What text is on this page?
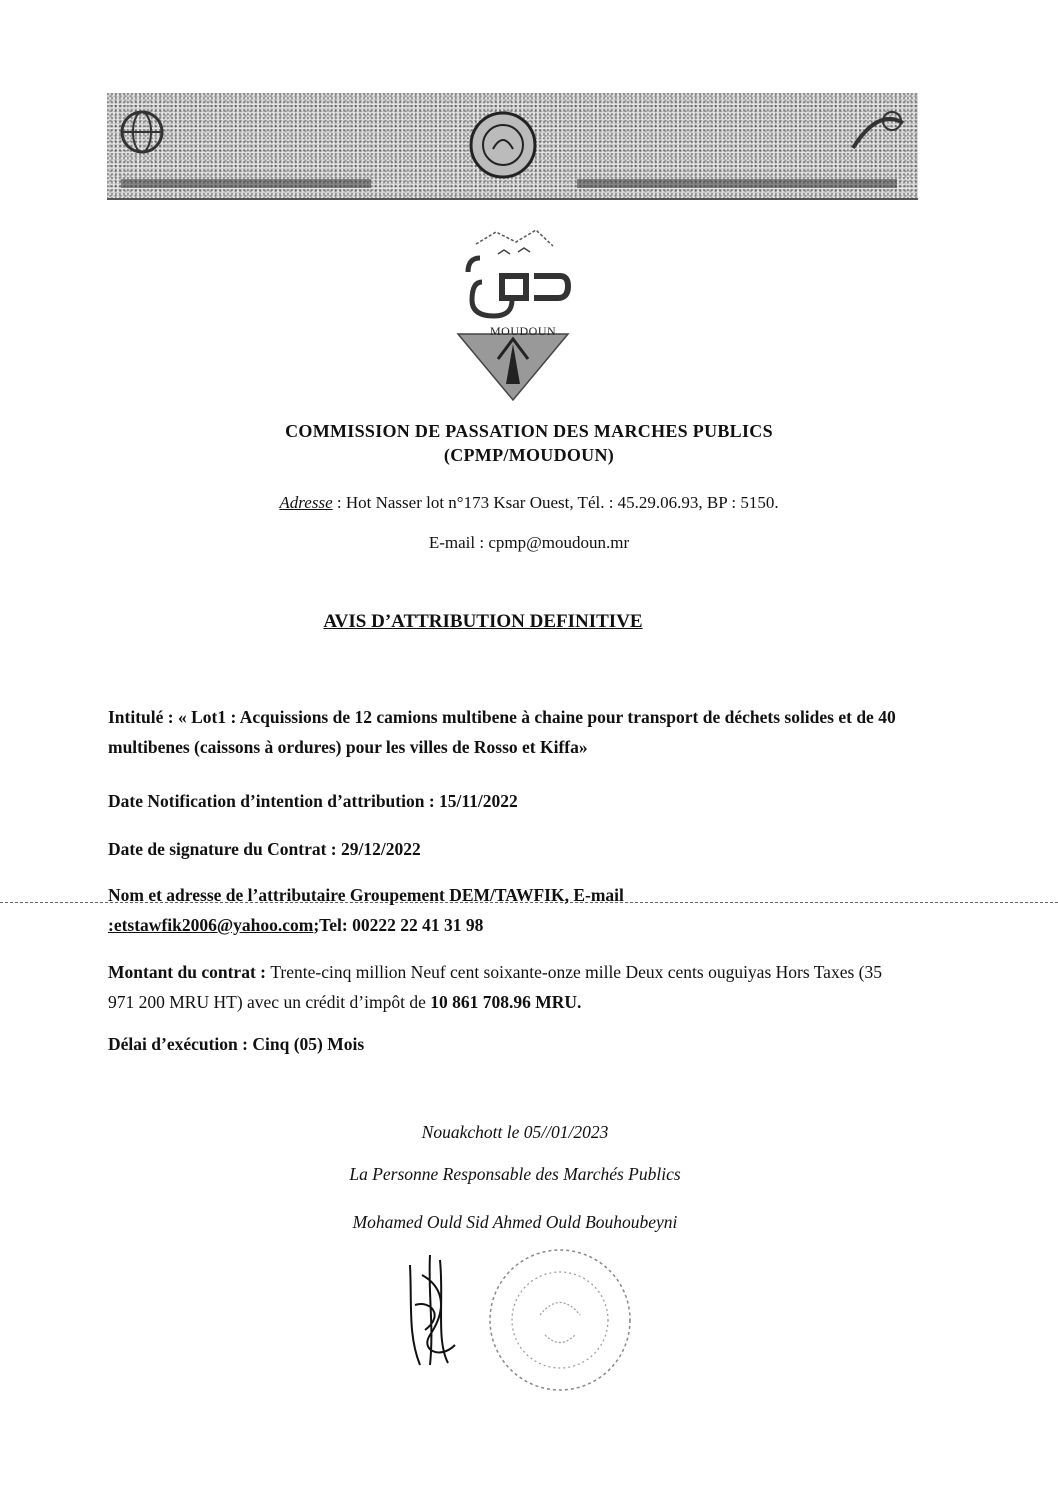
MOUDOUN
COMMISSION DE PASSATION DES MARCHES PUBLICS
(CPMP/MOUDOUN)
Adresse : Hot Nasser lot n°173 Ksar Ouest, Tél. : 45.29.06.93, BP : 5150.
E-mail : cpmp@moudoun.mr
AVIS D’ATTRIBUTION DEFINITIVE
Intitulé : « Lot1 : Acquissions de 12 camions multibene à chaine pour transport de déchets solides et de 40 multibenes (caissons à ordures) pour les villes de Rosso et Kiffa»
Date Notification d’intention d’attribution : 15/11/2022
Date de signature du Contrat : 29/12/2022
Nom et adresse de l’attributaire Groupement DEM/TAWFIK, E-mail
:etstawfik2006@yahoo.com;Tel: 00222 22 41 31 98
Montant du contrat : Trente-cinq million Neuf cent soixante-onze mille Deux cents ouguiyas Hors Taxes (35 971 200 MRU HT) avec un crédit d’impôt de 10 861 708.96 MRU.
Délai d’exécution : Cinq (05) Mois
Nouakchott le 05//01/2023
La Personne Responsable des Marchés Publics
Mohamed Ould Sid Ahmed Ould Bouhoubeyni
